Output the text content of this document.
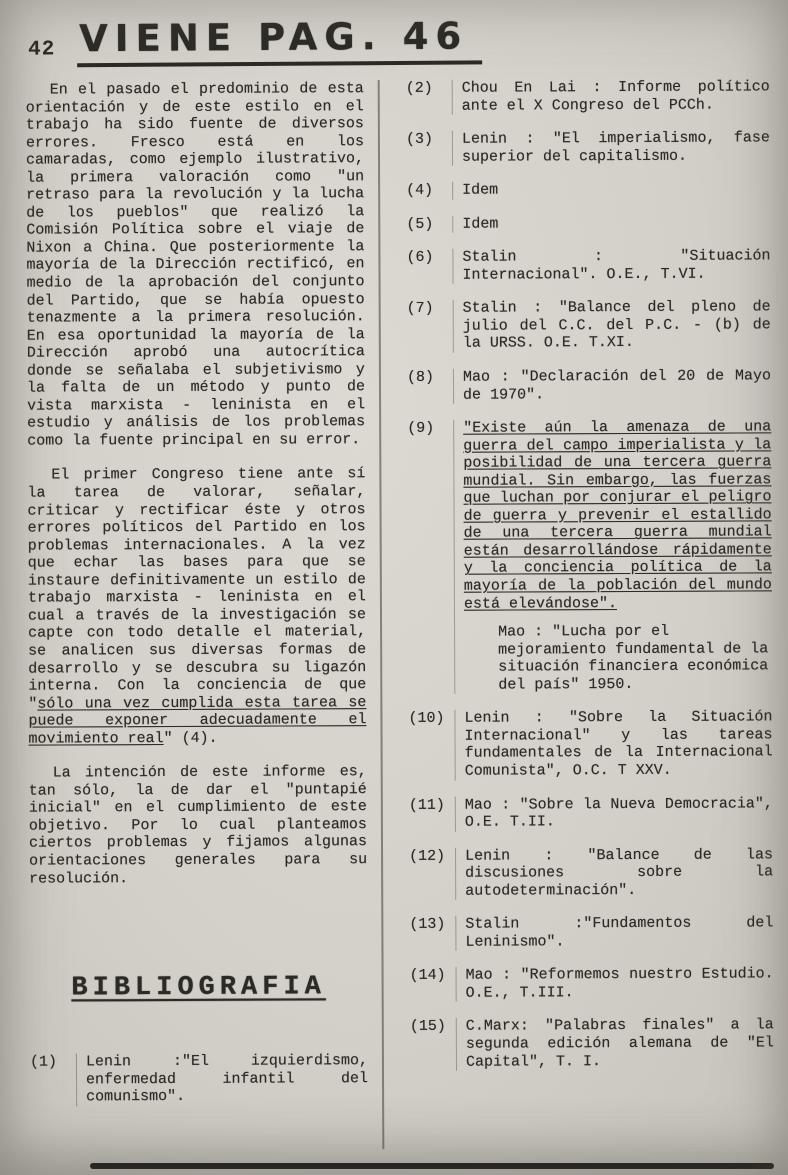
42 VIENE PAG. 46

En el pasado el predominio de esta orientación y de este estilo en el trabajo ha sido fuente de diversos errores. Fresco está en los camaradas, como ejemplo ilustrativo, la primera valoración como "un retraso para la revolución y la lucha de los pueblos" que realizó la Comisión Política sobre el viaje de Nixon a China. Que posteriormente la mayoría de la Dirección rectificó, en medio de la aprobación del conjunto del Partido, que se había opuesto tenazmente a la primera resolución. En esa oportunidad la mayoría de la Dirección aprobó una autocrítica donde se señalaba el subjetivismo y la falta de un método y punto de vista marxista - leninista en el estudio y análisis de los problemas como la fuente principal en su error.

El primer Congreso tiene ante sí la tarea de valorar, señalar, criticar y rectificar éste y otros errores políticos del Partido en los problemas internacionales. A la vez que echar las bases para que se instaure definitivamente un estilo de trabajo marxista - leninista en el cual a través de la investigación se capte con todo detalle el material, se analicen sus diversas formas de desarrollo y se descubra su ligazón interna. Con la conciencia de que "sólo una vez cumplida esta tarea se puede exponer adecuadamente el movimiento real" (4).

La intención de este informe es, tan sólo, la de dar el "puntapié inicial" en el cumplimiento de este objetivo. Por lo cual planteamos ciertos problemas y fijamos algunas orientaciones generales para su resolución.

BIBLIOGRAFIA
(1)	Lenin :"El izquierdismo, enfermedad infantil del comunismo".
(2)	Chou En Lai : Informe político ante el X Congreso del PCCh.
(3)	Lenin : "El imperialismo, fase superior del capitalismo.
(4)	Idem
(5)	Idem
(6)	Stalin : "Situación Internacional". O.E., T.VI.
(7)	Stalin : "Balance del pleno de julio del C.C. del P.C. - (b) de la URSS. O.E. T.XI.
(8)	Mao : "Declaración del 20 de Mayo de 1970".
(9)	"Existe aún la amenaza de una guerra del campo imperialista y la posibilidad de una tercera guerra mundial. Sin embargo, las fuerzas que luchan por conjurar el peligro de guerra y prevenir el estallido de una tercera guerra mundial están desarrollándose rápidamente y la conciencia política de la mayoría de la población del mundo está elevándose".
Mao : "Lucha por el mejoramiento fundamental de la situación financiera económica del país" 1950.
(10)	Lenin : "Sobre la Situación Internacional" y las tareas fundamentales de la Internacional Comunista", O.C. T XXV.
(11)	Mao : "Sobre la Nueva Democracia", O.E. T.II.
(12)	Lenin : "Balance de las discusiones sobre la autodeterminación".
(13)	Stalin :"Fundamentos del Leninismo".
(14)	Mao : "Reformemos nuestro Estudio. O.E., T.III.
(15)	C.Marx: "Palabras finales" a la segunda edición alemana de "El Capital", T. I.
